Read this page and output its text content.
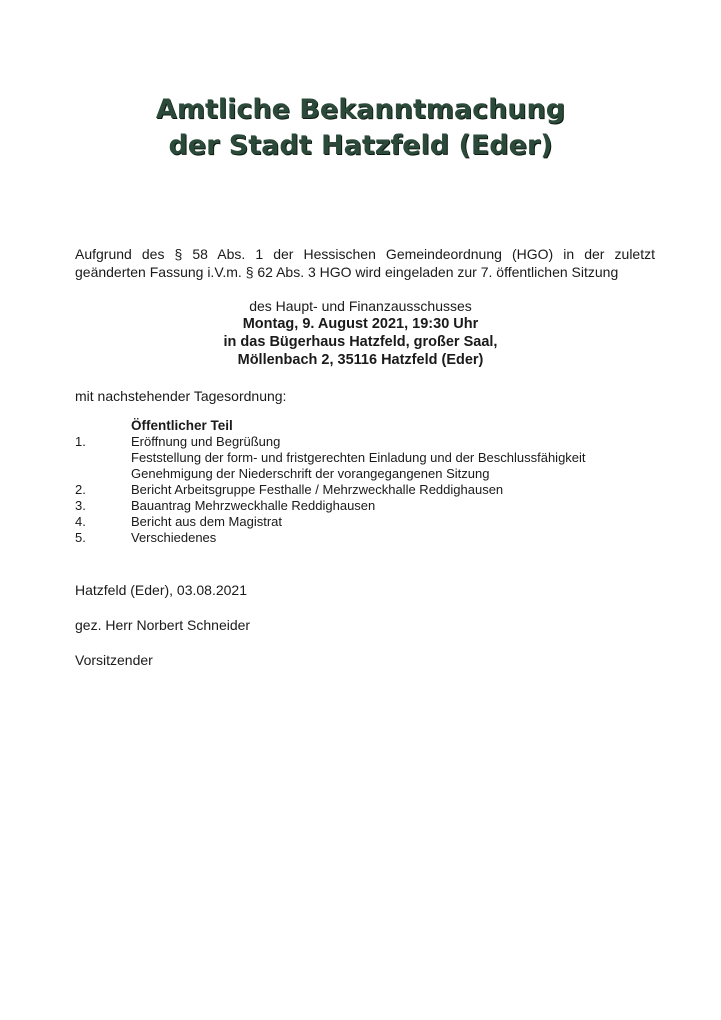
Amtliche Bekanntmachung
der Stadt Hatzfeld (Eder)
Aufgrund des § 58 Abs. 1 der Hessischen Gemeindeordnung (HGO) in der zuletzt
geänderten Fassung i.V.m. § 62 Abs. 3 HGO wird eingeladen zur 7. öffentlichen Sitzung
des Haupt- und Finanzausschusses
Montag, 9. August 2021, 19:30 Uhr
in das Bügerhaus Hatzfeld, großer Saal,
Möllenbach 2, 35116 Hatzfeld (Eder)
mit nachstehender Tagesordnung:
Öffentlicher Teil
1.	Eröffnung und Begrüßung
Feststellung der form- und fristgerechten Einladung und der Beschlussfähigkeit
Genehmigung der Niederschrift der vorangegangenen Sitzung
2.	Bericht Arbeitsgruppe Festhalle / Mehrzweckhalle Reddighausen
3.	Bauantrag Mehrzweckhalle Reddighausen
4.	Bericht aus dem Magistrat
5.	Verschiedenes
Hatzfeld (Eder), 03.08.2021
gez. Herr Norbert Schneider
Vorsitzender
